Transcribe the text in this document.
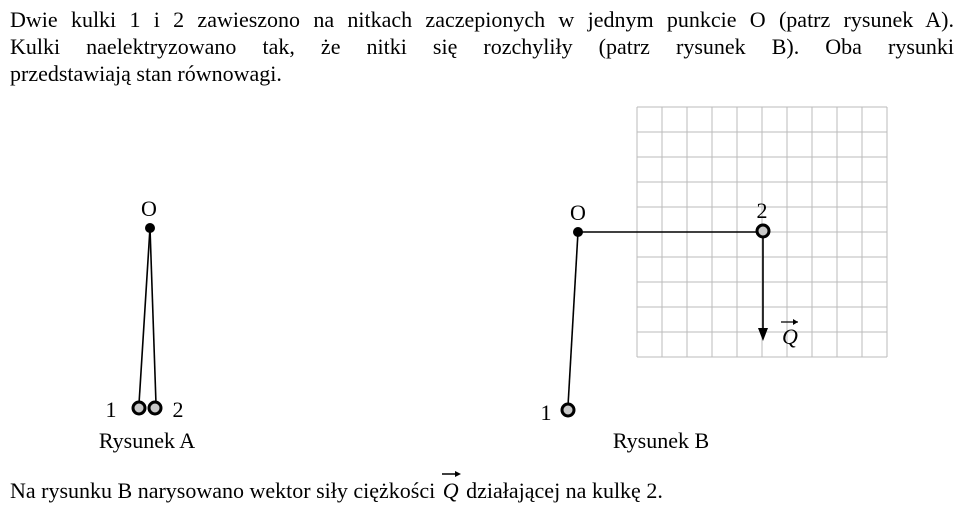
Dwie kulki 1 i 2 zawieszono na nitkach zaczepionych w jednym punkcie O (patrz rysunek A).
Kulki naelektryzowano tak, że nitki się rozchyliły (patrz rysunek B). Oba rysunki
przedstawiają stan równowagi.
O
1	2
Rysunek A
O	2
1
Q
Rysunek B

Na rysunku B narysowano wektor siły ciężkości
Q działającej na kulkę 2.
